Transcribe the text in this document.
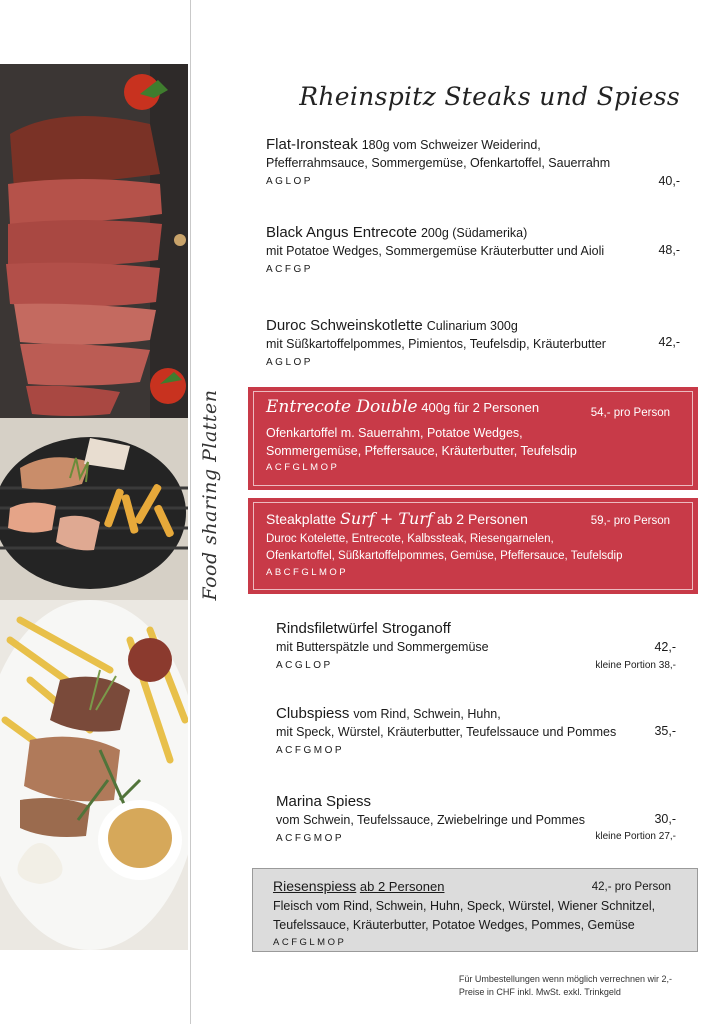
Food sharing Platten
Rheinspitz Steaks und Spiess
Flat-Ironsteak 180g vom Schweizer Weiderind,
Pfefferrahmsauce, Sommergemüse, Ofenkartoffel, Sauerrahm
AGLOP	40,-
Black Angus Entrecote 200g (Südamerika)
mit Potatoe Wedges, Sommergemüse Kräuterbutter und Aioli
ACFGP
48,-
Duroc Schweinskotlette Culinarium 300g
mit Süßkartoffelpommes, Pimientos, Teufelsdip, Kräuterbutter
AGLOP
42,-
Entrecote Double 400g für 2 Personen	54,- pro Person
Ofenkartoffel m. Sauerrahm, Potatoe Wedges,
Sommergemüse, Pfeffersauce, Kräuterbutter, Teufelsdip
ACFGLMOP
Steakplatte Surf + Turf ab 2 Personen	59,- pro Person
Duroc Kotelette, Entrecote, Kalbssteak, Riesengarnelen,
Ofenkartoffel, Süßkartoffelpommes, Gemüse, Pfeffersauce, Teufelsdip
ABCFGLMOP
Rindsfiletwürfel Stroganoff
mit Butterspätzle und Sommergemüse
ACGLOP
42,-
kleine Portion 38,-
Clubspiess vom Rind, Schwein, Huhn,
mit Speck, Würstel, Kräuterbutter, Teufelssauce und Pommes
ACFGMOP
35,-
Marina Spiess
vom Schwein, Teufelssauce, Zwiebelringe und Pommes
ACFGMOP
30,-
kleine Portion 27,-
Riesenspiess ab 2 Personen	42,- pro Person
Fleisch vom Rind, Schwein, Huhn, Speck, Würstel, Wiener Schnitzel,
Teufelssauce, Kräuterbutter, Potatoe Wedges, Pommes, Gemüse
ACFGLMOP
Für Umbestellungen wenn möglich verrechnen wir 2,-
Preise in CHF inkl. MwSt. exkl. Trinkgeld
